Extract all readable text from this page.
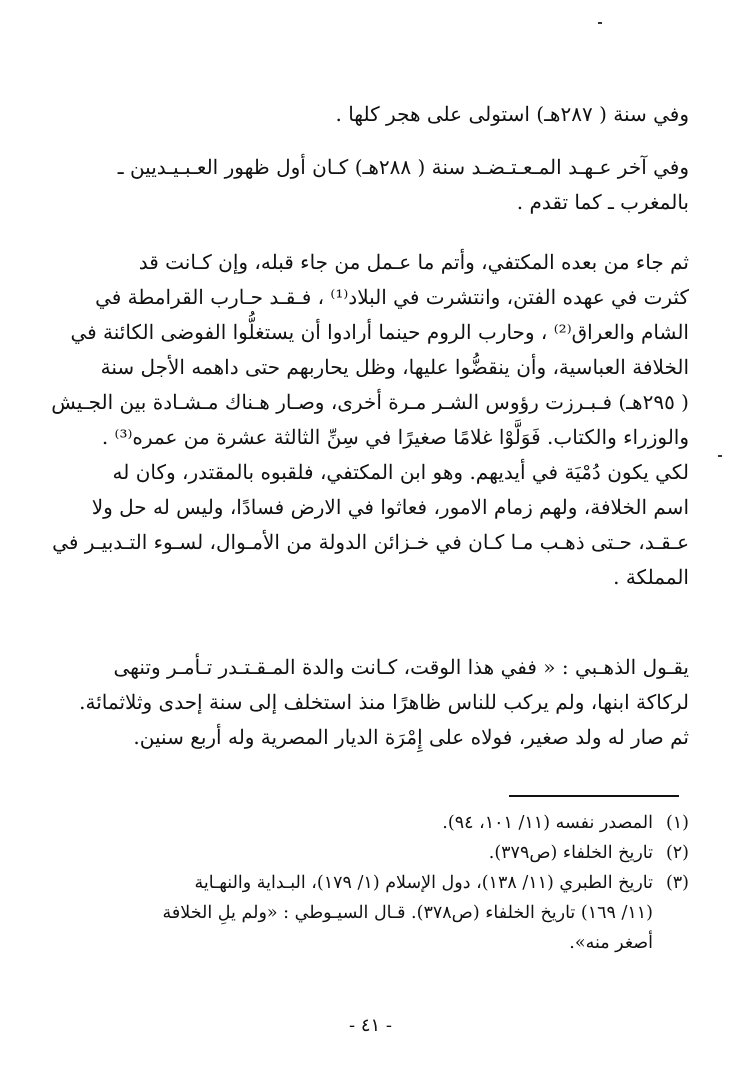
وفي سنة ( ٢٨٧هـ) استولى على هجر كلها .
وفي آخر عـهـد المـعـتـضـد سنة ( ٢٨٨هـ) كـان أول ظهور العـبـيـديين ـ
بالمغرب ـ كما تقدم .
ثم جاء من بعده المكتفي، وأتم ما عـمل من جاء قبله، وإن كـانت قد
كثرت في عهده الفتن، وانتشرت في البلاد⁽¹⁾ ، فـقـد حـارب القرامطة في
الشام والعراق⁽²⁾ ، وحارب الروم حينما أرادوا أن يستغلُّوا الفوضى الكائنة في
الخلافة العباسية، وأن ينقضُّوا عليها، وظل يحاربهم حتى داهمه الأجل سنة
( ٢٩٥هـ) فـبـرزت رؤوس الشـر مـرة أخرى، وصـار هـناك مـشـادة بين الجـيش
والوزراء والكتاب. فَوَلَّوْا غلامًا صغيرًا في سِنِّ الثالثة عشرة من عمره⁽³⁾ .
لكي يكون دُمْيَة في أيديهم. وهو ابن المكتفي، فلقبوه بالمقتدر، وكان له
اسم الخلافة، ولهم زمام الامور، فعاثوا في الارض فسادًا، وليس له حل ولا
عـقـد، حـتى ذهـب مـا كـان في خـزائن الدولة من الأمـوال، لسـوء التـدبيـر في
المملكة .
يقـول الذهـبي : « ففي هذا الوقت، كـانت والدة المـقـتـدر تـأمـر وتنهى
لركاكة ابنها، ولم يركب للناس ظاهرًا منذ استخلف إلى سنة إحدى وثلاثمائة.
ثم صار له ولد صغير، فولاه على إِمْرَة الديار المصرية وله أربع سنين.
(١)المصدر نفسه (١١/ ١٠١، ٩٤).
(٢)تاريخ الخلفاء (ص٣٧٩).
(٣)تاريخ الطبري (١١/ ١٣٨)، دول الإسلام (١/ ١٧٩)، البـداية والنهـاية
(١١/ ١٦٩) تاريخ الخلفاء (ص٣٧٨). قـال السيـوطي : «ولم يلِ الخلافة
أصغر منه».
- ٤١ -
